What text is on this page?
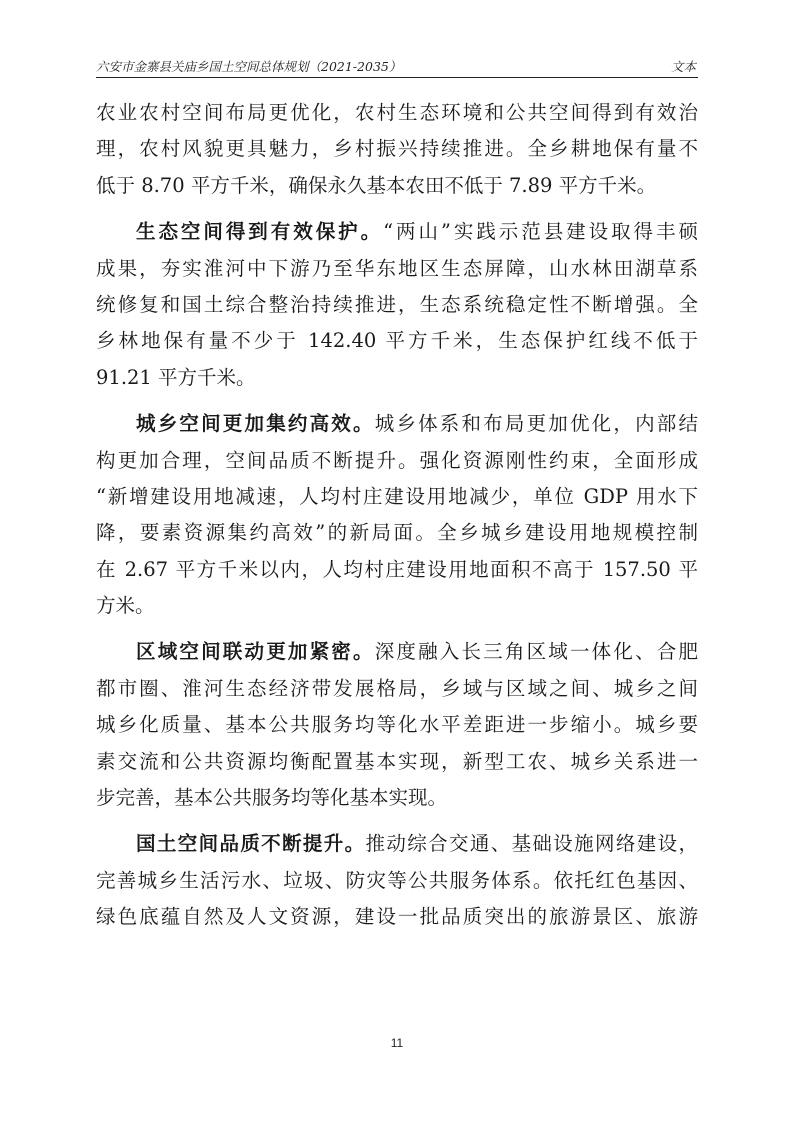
六安市金寨县关庙乡国土空间总体规划（2021-2035）	文本
农业农村空间布局更优化，农村生态环境和公共空间得到有效治
理，农村风貌更具魅力，乡村振兴持续推进。全乡耕地保有量不
低于 8.70 平方千米，确保永久基本农田不低于 7.89 平方千米。
生态空间得到有效保护。“两山”实践示范县建设取得丰硕
成果，夯实淮河中下游乃至华东地区生态屏障，山水林田湖草系
统修复和国土综合整治持续推进，生态系统稳定性不断增强。全
乡林地保有量不少于 142.40 平方千米，生态保护红线不低于
91.21 平方千米。
城乡空间更加集约高效。城乡体系和布局更加优化，内部结
构更加合理，空间品质不断提升。强化资源刚性约束，全面形成
“新增建设用地减速，人均村庄建设用地减少，单位 GDP 用水下
降，要素资源集约高效”的新局面。全乡城乡建设用地规模控制
在 2.67 平方千米以内，人均村庄建设用地面积不高于 157.50 平
方米。
区域空间联动更加紧密。深度融入长三角区域一体化、合肥
都市圈、淮河生态经济带发展格局，乡域与区域之间、城乡之间
城乡化质量、基本公共服务均等化水平差距进一步缩小。城乡要
素交流和公共资源均衡配置基本实现，新型工农、城乡关系进一
步完善，基本公共服务均等化基本实现。
国土空间品质不断提升。推动综合交通、基础设施网络建设，
完善城乡生活污水、垃圾、防灾等公共服务体系。依托红色基因、
绿色底蕴自然及人文资源，建设一批品质突出的旅游景区、旅游
11
